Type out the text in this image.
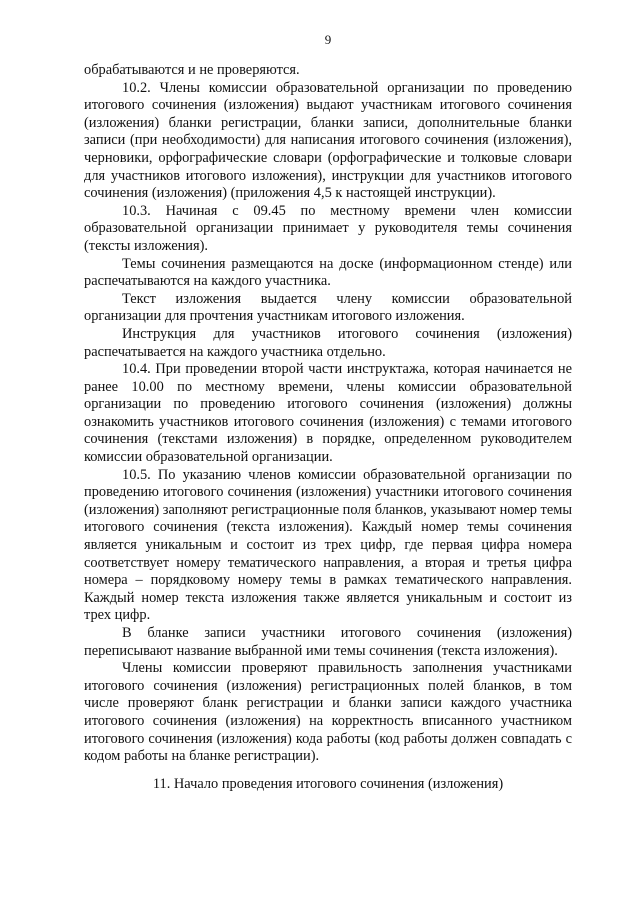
9

обрабатываются и не проверяются.

10.2. Члены комиссии образовательной организации по проведению итогового сочинения (изложения) выдают участникам итогового сочинения (изложения) бланки регистрации, бланки записи, дополнительные бланки записи (при необходимости) для написания итогового сочинения (изложения), черновики, орфографические словари (орфографические и толковые словари для участников итогового изложения), инструкции для участников итогового сочинения (изложения) (приложения 4,5 к настоящей инструкции).

10.3. Начиная с 09.45 по местному времени член комиссии образовательной организации принимает у руководителя темы сочинения (тексты изложения).

Темы сочинения размещаются на доске (информационном стенде) или распечатываются на каждого участника.

Текст изложения выдается члену комиссии образовательной организации для прочтения участникам итогового изложения.

Инструкция для участников итогового сочинения (изложения) распечатывается на каждого участника отдельно.

10.4. При проведении второй части инструктажа, которая начинается не ранее 10.00 по местному времени, члены комиссии образовательной организации по проведению итогового сочинения (изложения) должны ознакомить участников итогового сочинения (изложения) с темами итогового сочинения (текстами изложения) в порядке, определенном руководителем комиссии образовательной организации.

10.5. По указанию членов комиссии образовательной организации по проведению итогового сочинения (изложения) участники итогового сочинения (изложения) заполняют регистрационные поля бланков, указывают номер темы итогового сочинения (текста изложения). Каждый номер темы сочинения является уникальным и состоит из трех цифр, где первая цифра номера соответствует номеру тематического направления, а вторая и третья цифра номера – порядковому номеру темы в рамках тематического направления. Каждый номер текста изложения также является уникальным и состоит из трех цифр.

В бланке записи участники итогового сочинения (изложения) переписывают название выбранной ими темы сочинения (текста изложения).

Члены комиссии проверяют правильность заполнения участниками итогового сочинения (изложения) регистрационных полей бланков, в том числе проверяют бланк регистрации и бланки записи каждого участника итогового сочинения (изложения) на корректность вписанного участником итогового сочинения (изложения) кода работы (код работы должен совпадать с кодом работы на бланке регистрации).

11. Начало проведения итогового сочинения (изложения)
